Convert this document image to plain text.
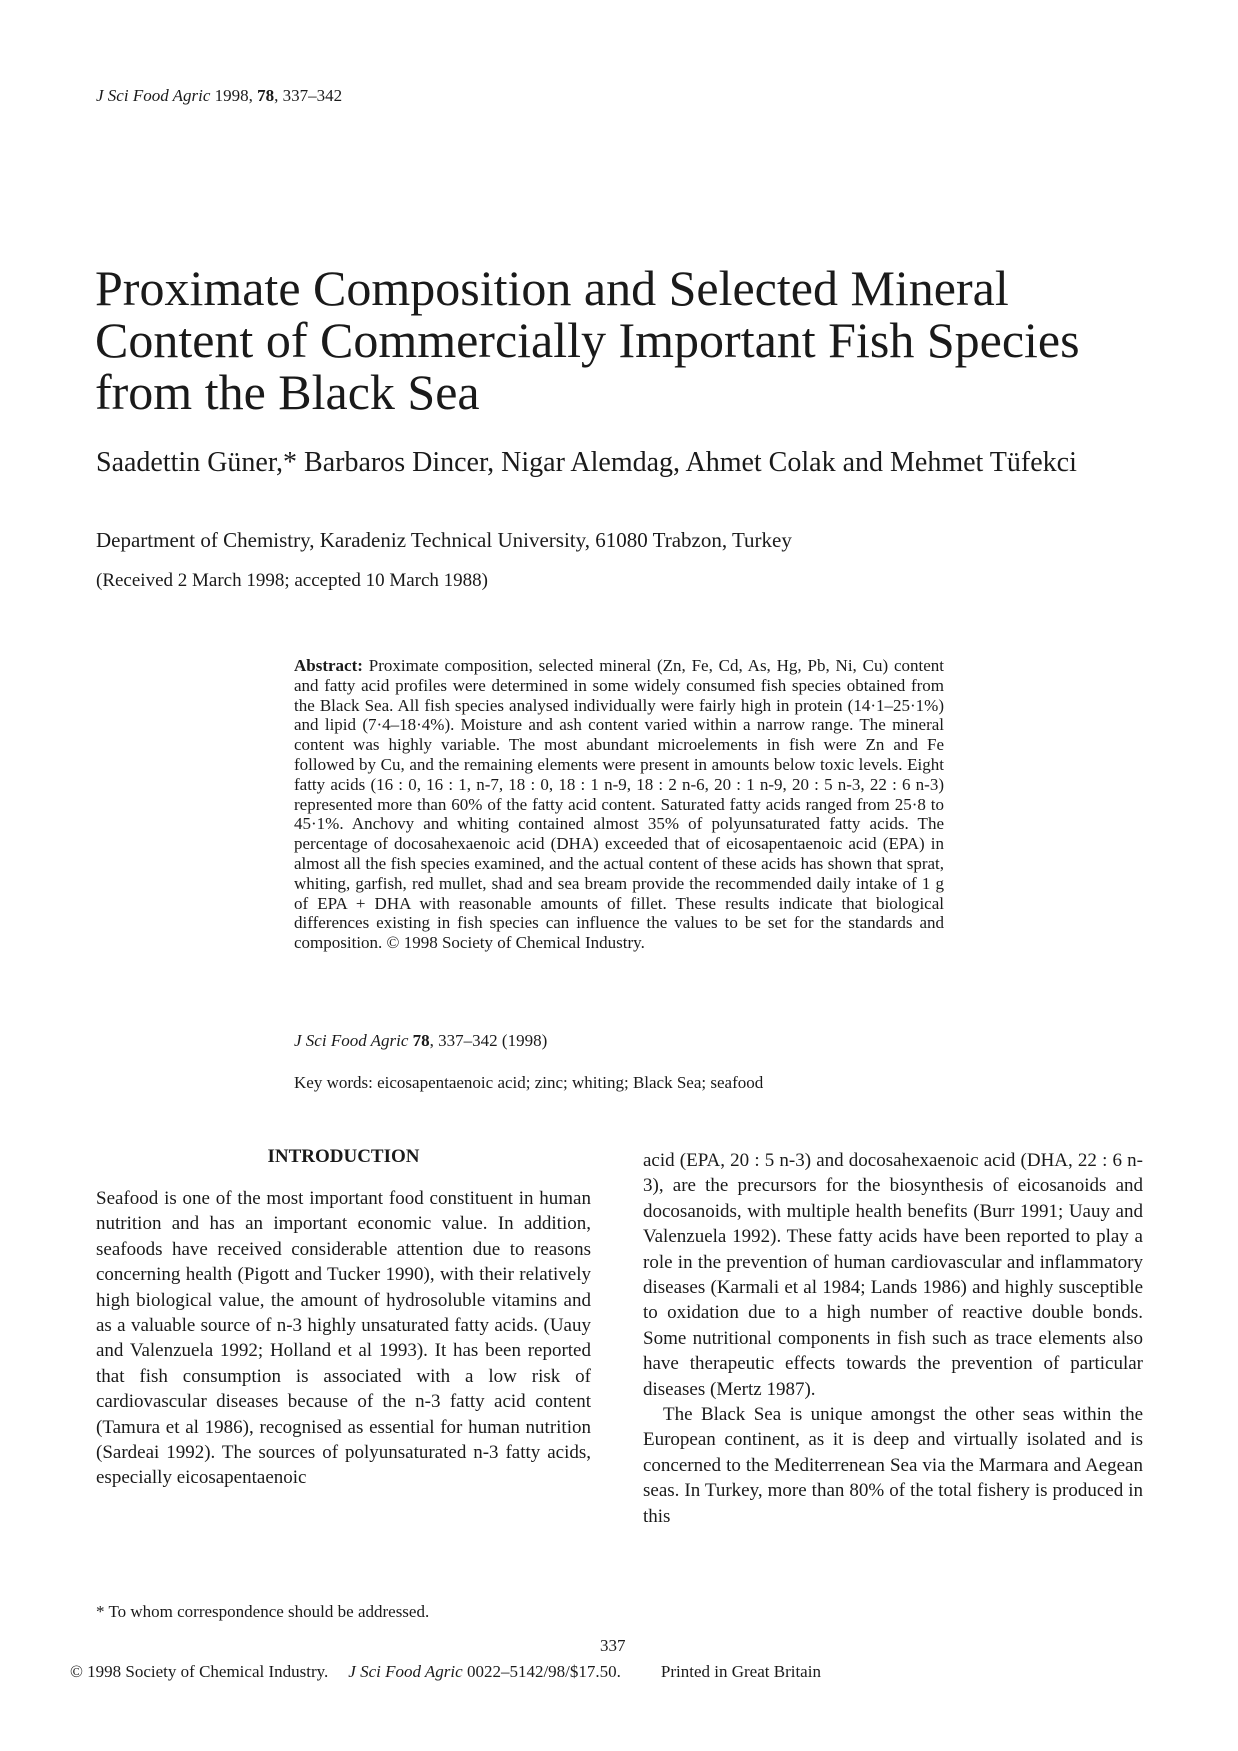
J Sci Food Agric 1998, 78, 337–342
Proximate Composition and Selected Mineral Content of Commercially Important Fish Species from the Black Sea
Saadettin Güner,* Barbaros Dincer, Nigar Alemdag, Ahmet Colak and Mehmet Tüfekci
Department of Chemistry, Karadeniz Technical University, 61080 Trabzon, Turkey
(Received 2 March 1998; accepted 10 March 1988)
Abstract: Proximate composition, selected mineral (Zn, Fe, Cd, As, Hg, Pb, Ni, Cu) content and fatty acid profiles were determined in some widely consumed fish species obtained from the Black Sea. All fish species analysed individually were fairly high in protein (14·1–25·1%) and lipid (7·4–18·4%). Moisture and ash content varied within a narrow range. The mineral content was highly variable. The most abundant microelements in fish were Zn and Fe followed by Cu, and the remaining elements were present in amounts below toxic levels. Eight fatty acids (16 : 0, 16 : 1, n-7, 18 : 0, 18 : 1 n-9, 18 : 2 n-6, 20 : 1 n-9, 20 : 5 n-3, 22 : 6 n-3) represented more than 60% of the fatty acid content. Saturated fatty acids ranged from 25·8 to 45·1%. Anchovy and whiting contained almost 35% of polyunsaturated fatty acids. The percentage of docosahexaenoic acid (DHA) exceeded that of eicosapentaenoic acid (EPA) in almost all the fish species examined, and the actual content of these acids has shown that sprat, whiting, garfish, red mullet, shad and sea bream provide the recommended daily intake of 1 g of EPA + DHA with reasonable amounts of fillet. These results indicate that biological differences existing in fish species can influence the values to be set for the standards and composition. © 1998 Society of Chemical Industry.
J Sci Food Agric 78, 337–342 (1998)
Key words: eicosapentaenoic acid; zinc; whiting; Black Sea; seafood
INTRODUCTION

Seafood is one of the most important food constituent in human nutrition and has an important economic value. In addition, seafoods have received considerable attention due to reasons concerning health (Pigott and Tucker 1990), with their relatively high biological value, the amount of hydrosoluble vitamins and as a valuable source of n-3 highly unsaturated fatty acids. (Uauy and Valenzuela 1992; Holland et al 1993). It has been reported that fish consumption is associated with a low risk of cardiovascular diseases because of the n-3 fatty acid content (Tamura et al 1986), recognised as essential for human nutrition (Sardeai 1992). The sources of polyunsaturated n-3 fatty acids, especially eicosapentaenoic

acid (EPA, 20 : 5 n-3) and docosahexaenoic acid (DHA, 22 : 6 n-3), are the precursors for the biosynthesis of eicosanoids and docosanoids, with multiple health benefits (Burr 1991; Uauy and Valenzuela 1992). These fatty acids have been reported to play a role in the prevention of human cardiovascular and inflammatory diseases (Karmali et al 1984; Lands 1986) and highly susceptible to oxidation due to a high number of reactive double bonds. Some nutritional components in fish such as trace elements also have therapeutic effects towards the prevention of particular diseases (Mertz 1987).

The Black Sea is unique amongst the other seas within the European continent, as it is deep and virtually isolated and is concerned to the Mediterrenean Sea via the Marmara and Aegean seas. In Turkey, more than 80% of the total fishery is produced in this

* To whom correspondence should be addressed.
337
© 1998 Society of Chemical Industry. J Sci Food Agric 0022–5142/98/$17.50. Printed in Great Britain
